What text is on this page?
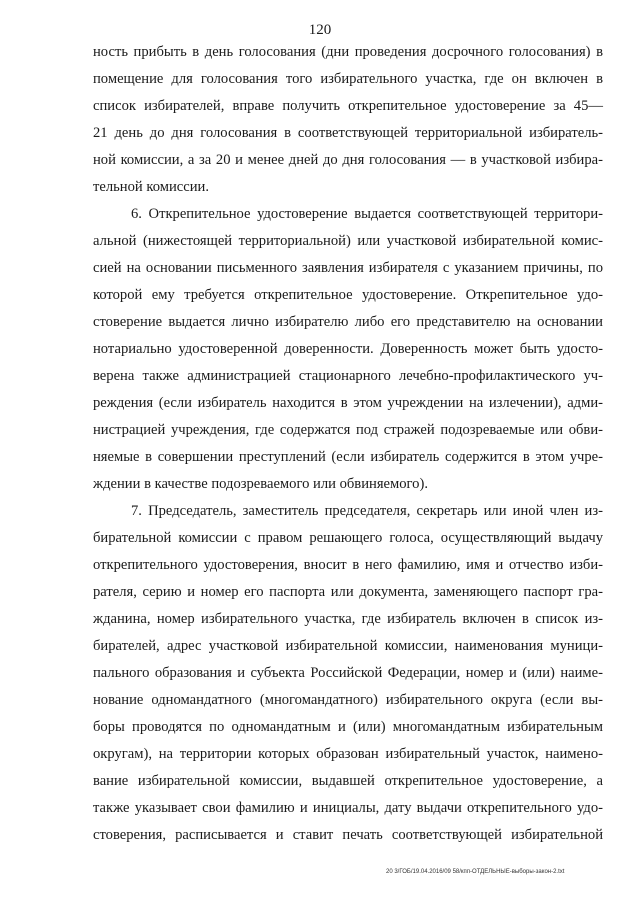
120
ность прибыть в день голосования (дни проведения досрочного голосования) в
помещение для голосования того избирательного участка, где он включен в
список избирателей, вправе получить открепительное удостоверение за 45—
21 день до дня голосования в соответствующей территориальной избиратель-
ной комиссии, а за 20 и менее дней до дня голосования — в участковой избира-
тельной комиссии.
6. Открепительное удостоверение выдается соответствующей территори-
альной (нижестоящей территориальной) или участковой избирательной комис-
сией на основании письменного заявления избирателя с указанием причины, по
которой ему требуется открепительное удостоверение. Открепительное удо-
стоверение выдается лично избирателю либо его представителю на основании
нотариально удостоверенной доверенности. Доверенность может быть удосто-
верена также администрацией стационарного лечебно-профилактического уч-
реждения (если избиратель находится в этом учреждении на излечении), адми-
нистрацией учреждения, где содержатся под стражей подозреваемые или обви-
няемые в совершении преступлений (если избиратель содержится в этом учре-
ждении в качестве подозреваемого или обвиняемого).
7. Председатель, заместитель председателя, секретарь или иной член из-
бирательной комиссии с правом решающего голоса, осуществляющий выдачу
открепительного удостоверения, вносит в него фамилию, имя и отчество изби-
рателя, серию и номер его паспорта или документа, заменяющего паспорт гра-
жданина, номер избирательного участка, где избиратель включен в список из-
бирателей, адрес участковой избирательной комиссии, наименования муници-
пального образования и субъекта Российской Федерации, номер и (или) наиме-
нование одномандатного (многомандатного) избирательного округа (если вы-
боры проводятся по одномандатным и (или) многомандатным избирательным
округам), на территории которых образован избирательный участок, наимено-
вание избирательной комиссии, выдавшей открепительное удостоверение, а
также указывает свои фамилию и инициалы, дату выдачи открепительного удо-
стоверения, расписывается и ставит печать соответствующей избирательной
20 3/ГОБ/19.04.2016/09 58/кпп-ОТДЕЛЬНЫЕ-выборы-закон-2.txt
